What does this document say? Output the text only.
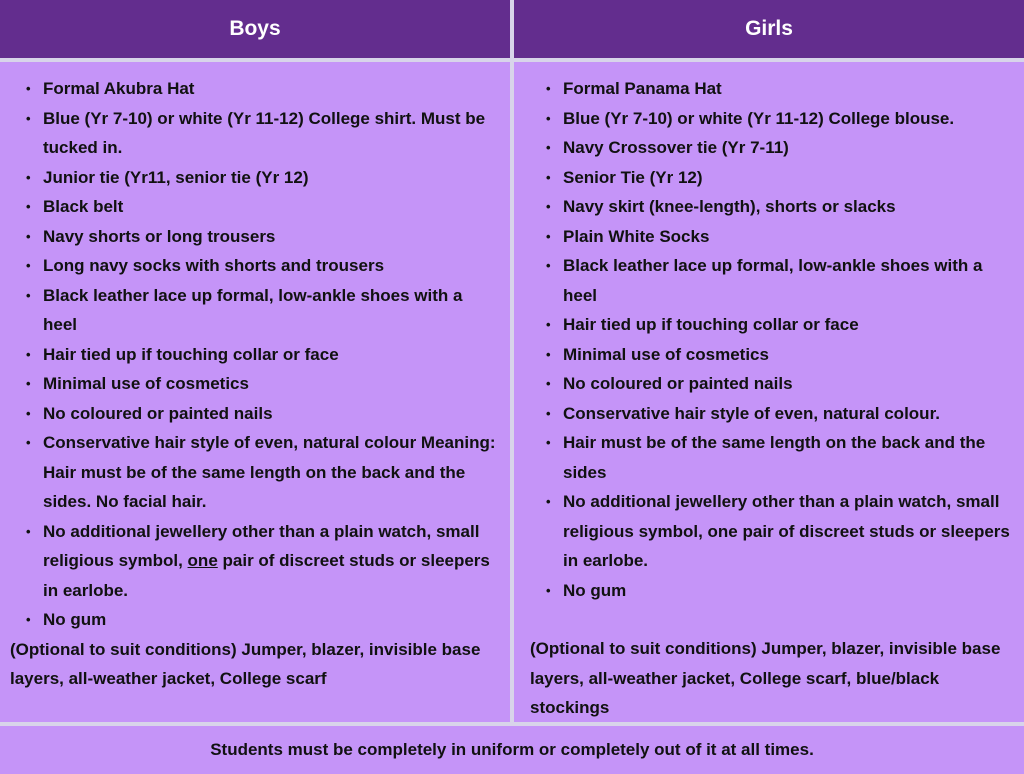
Boys	Girls
• Formal Akubra Hat
• Blue (Yr 7-10) or white (Yr 11-12) College shirt. Must be tucked in.
• Junior tie (Yr11, senior tie (Yr 12)
• Black belt
• Navy shorts or long trousers
• Long navy socks with shorts and trousers
• Black leather lace up formal, low-ankle shoes with a heel
• Hair tied up if touching collar or face
• Minimal use of cosmetics
• No coloured or painted nails
• Conservative hair style of even, natural colour Meaning: Hair must be of the same length on the back and the sides. No facial hair.
• No additional jewellery other than a plain watch, small religious symbol, one pair of discreet studs or sleepers in earlobe.
• No gum

(Optional to suit conditions) Jumper, blazer, invisible base layers, all-weather jacket, College scarf

• Formal Panama Hat
• Blue (Yr 7-10) or white (Yr 11-12) College blouse.
• Navy Crossover tie (Yr 7-11)
• Senior Tie (Yr 12)
• Navy skirt (knee-length), shorts or slacks
• Plain White Socks
• Black leather lace up formal, low-ankle shoes with a heel
• Hair tied up if touching collar or face
• Minimal use of cosmetics
• No coloured or painted nails
• Conservative hair style of even, natural colour.
• Hair must be of the same length on the back and the sides
• No additional jewellery other than a plain watch, small religious symbol, one pair of discreet studs or sleepers in earlobe.
• No gum

(Optional to suit conditions) Jumper, blazer, invisible base layers, all-weather jacket, College scarf, blue/black stockings

Students must be completely in uniform or completely out of it at all times.
